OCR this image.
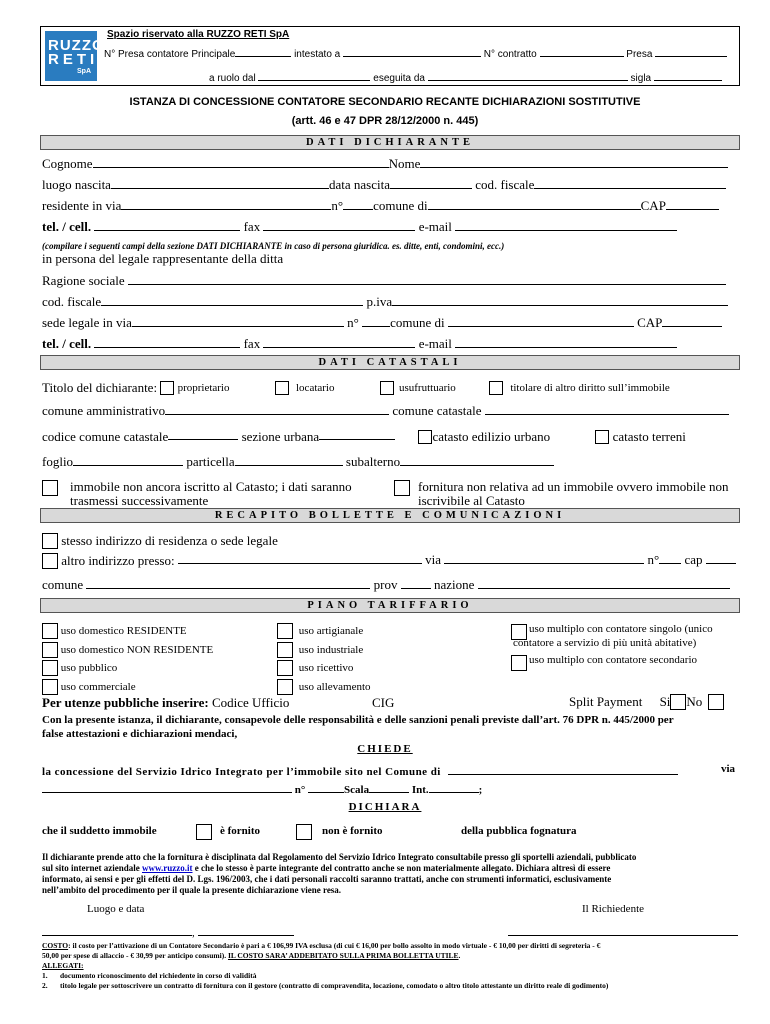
RUZZO
RETI
SpA
Spazio riservato alla RUZZO RETI SpA
N° Presa contatore Principale	intestato a	N° contratto	Presa
a ruolo dal	eseguita da	sigla
ISTANZA DI CONCESSIONE CONTATORE SECONDARIO RECANTE DICHIARAZIONI SOSTITUTIVE
(artt. 46 e 47 DPR 28/12/2000 n. 445)
DATI DICHIARANTE
Cognome	Nome
luogo nascita	data nascita	cod. fiscale
residente in via	n° comune di	CAP
tel. / cell.	fax	e-mail
(compilare i seguenti campi della sezione DATI DICHIARANTE in caso di persona giuridica. es. ditte, enti, condomini, ecc.)
in persona del legale rappresentante della ditta
Ragione sociale
cod. fiscale	p.iva
sede legale in via	n° comune di	CAP
tel. / cell.	fax	e-mail
DATI CATASTALI
Titolo del dichiarante: proprietario	locatario	usufruttuario	titolare di altro diritto sull’immobile
comune amministrativo	comune catastale
codice comune catastale	sezione urbana	catasto edilizio urbano	catasto terreni
foglio	particella	subalterno
immobile non ancora iscritto al Catasto; i dati saranno
trasmessi successivamente
fornitura non relativa ad un immobile ovvero immobile non
iscrivibile al Catasto
RECAPITO BOLLETTE E COMUNICAZIONI
stesso indirizzo di residenza o sede legale
altro indirizzo presso:	via	n° cap
comune	prov	nazione
PIANO TARIFFARIO
uso domestico RESIDENTE
uso domestico NON RESIDENTE
uso pubblico
uso commerciale
uso artigianale
uso industriale
uso ricettivo
uso allevamento
uso multiplo con contatore singolo (unico
contatore a servizio di più unità abitative)
uso multiplo con contatore secondario
Per utenze pubbliche inserire: Codice Ufficio	CIG	Split Payment Si No
Con la presente istanza, il dichiarante, consapevole delle responsabilità e delle sanzioni penali previste dall’art. 76 DPR n. 445/2000 per
false attestazioni e dichiarazioni mendaci,
CHIEDE
la concessione del Servizio Idrico Integrato per l’immobile sito nel Comune di	via
n°	Scala	Int.	;
DICHIARA
che il suddetto immobile	è fornito	non è fornito	della pubblica fognatura
Il dichiarante prende atto che la fornitura è disciplinata dal Regolamento del Servizio Idrico Integrato consultabile presso gli sportelli aziendali, pubblicato
sul sito internet aziendale www.ruzzo.it e che lo stesso è parte integrante del contratto anche se non materialmente allegato. Dichiara altresì di essere
informato, ai sensi e per gli effetti del D. Lgs. 196/2003, che i dati personali raccolti saranno trattati, anche con strumenti informatici, esclusivamente
nell’ambito del procedimento per il quale la presente dichiarazione viene resa.
Luogo e data	Il Richiedente
,
COSTO: il costo per l’attivazione di un Contatore Secondario è pari a € 106,99 IVA esclusa (di cui € 16,00 per bollo assolto in modo virtuale - € 10,00 per diritti di segreteria - €
50,00 per spese di allaccio - € 30,99 per anticipo consumi). IL COSTO SARA’ ADDEBITATO SULLA PRIMA BOLLETTA UTILE.
ALLEGATI:
1. documento riconoscimento del richiedente in corso di validità
2. titolo legale per sottoscrivere un contratto di fornitura con il gestore (contratto di compravendita, locazione, comodato o altro titolo attestante un diritto reale di godimento)
